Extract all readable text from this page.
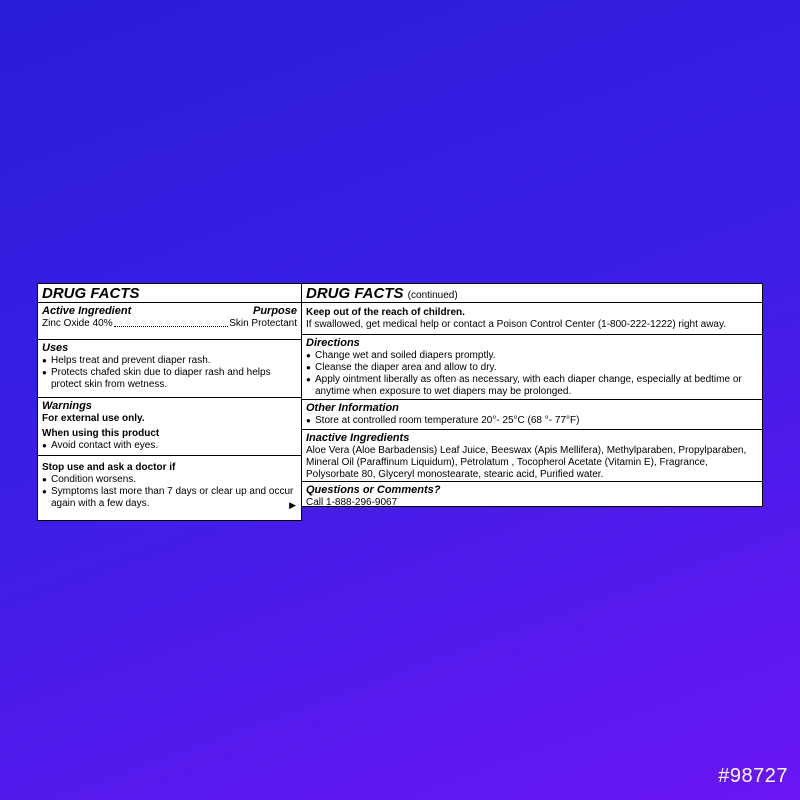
DRUG FACTS
Active Ingredient	Purpose
Zinc Oxide 40%	Skin Protectant
Uses
● Helps treat and prevent diaper rash.
● Protects chafed skin due to diaper rash and helps protect skin from wetness.
Warnings
For external use only.
When using this product
● Avoid contact with eyes.
Stop use and ask a doctor if
● Condition worsens.
● Symptoms last more than 7 days or clear up and occur again with a few days.	▶
DRUG FACTS (continued)
Keep out of the reach of children.
If swallowed, get medical help or contact a Poison Control Center (1-800-222-1222) right away.
Directions
● Change wet and soiled diapers promptly.
● Cleanse the diaper area and allow to dry.
● Apply ointment liberally as often as necessary, with each diaper change, especially at bedtime or anytime when exposure to wet diapers may be prolonged.
Other Information
● Store at controlled room temperature 20°- 25°C (68 °- 77°F)
Inactive Ingredients
Aloe Vera (Aloe Barbadensis) Leaf Juice, Beeswax (Apis Mellifera), Methylparaben, Propylparaben, Mineral Oil (Paraffinum Liquidum), Petrolatum , Tocopherol Acetate (Vitamin E), Fragrance, Polysorbate 80, Glyceryl monostearate, stearic acid, Purified water.
Questions or Comments?
Call 1-888-296-9067
#98727
